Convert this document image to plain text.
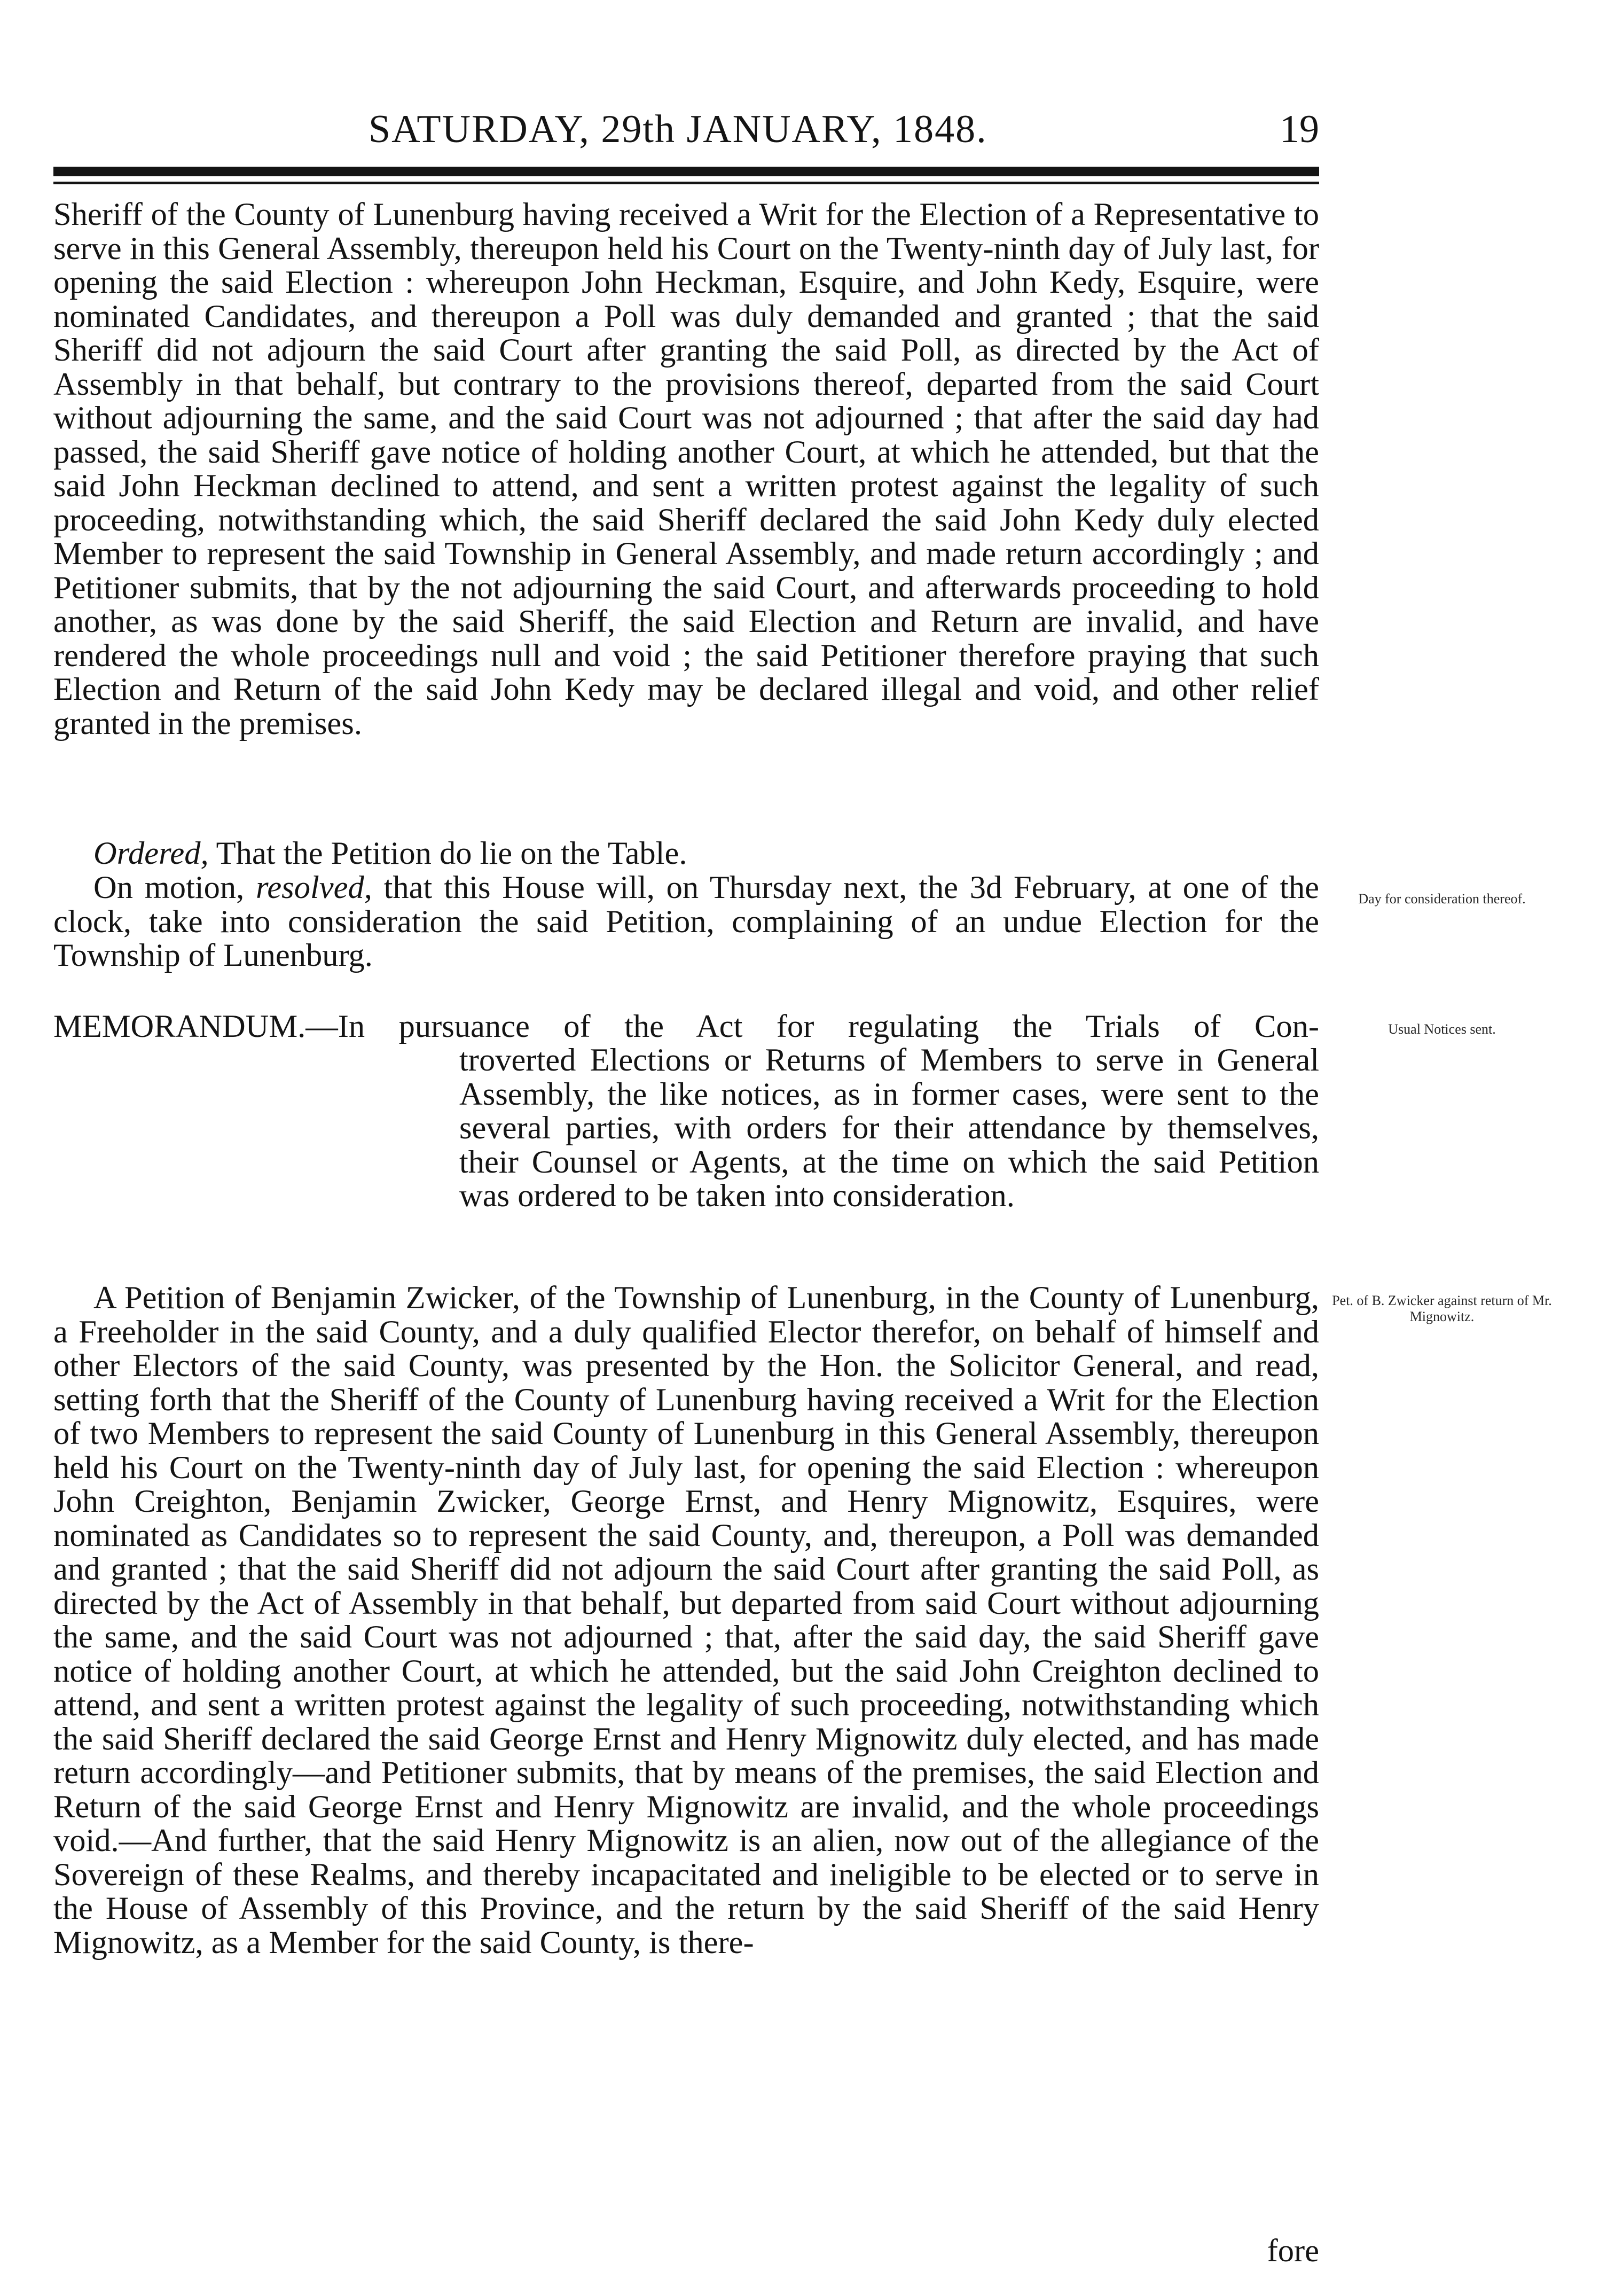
SATURDAY, 29th JANUARY, 1848.	19

Sheriff of the County of Lunenburg having received a Writ for the Election of a Representative to serve in this General Assembly, thereupon held his Court on the Twenty-ninth day of July last, for opening the said Election : whereupon John Heckman, Esquire, and John Kedy, Esquire, were nominated Candidates, and thereupon a Poll was duly demanded and granted ; that the said Sheriff did not adjourn the said Court after granting the said Poll, as directed by the Act of Assembly in that behalf, but contrary to the provisions thereof, departed from the said Court without adjourning the same, and the said Court was not adjourned ; that after the said day had passed, the said Sheriff gave notice of holding another Court, at which he attended, but that the said John Heckman declined to attend, and sent a written protest against the legality of such proceeding, notwithstanding which, the said Sheriff declared the said John Kedy duly elected Member to represent the said Township in General Assembly, and made return accordingly ; and Petitioner submits, that by the not adjourning the said Court, and afterwards proceeding to hold another, as was done by the said Sheriff, the said Election and Return are invalid, and have rendered the whole proceedings null and void ; the said Petitioner therefore praying that such Election and Return of the said John Kedy may be declared illegal and void, and other relief granted in the premises.

Ordered, That the Petition do lie on the Table.

On motion, resolved, that this House will, on Thursday next, the 3d February, at one of the clock, take into consideration the said Petition, complaining of an undue Election for the Township of Lunenburg.

MEMORANDUM.—In pursuance of the Act for regulating the Trials of Con-
troverted Elections or Returns of Members to serve in General Assembly, the like notices, as in former cases, were sent to the several parties, with orders for their attendance by themselves, their Counsel or Agents, at the time on which the said Petition was ordered to be taken into consideration.

A Petition of Benjamin Zwicker, of the Township of Lunenburg, in the County of Lunenburg, a Freeholder in the said County, and a duly qualified Elector therefor, on behalf of himself and other Electors of the said County, was presented by the Hon. the Solicitor General, and read, setting forth that the Sheriff of the County of Lunenburg having received a Writ for the Election of two Members to represent the said County of Lunenburg in this General Assembly, thereupon held his Court on the Twenty-ninth day of July last, for opening the said Election : whereupon John Creighton, Benjamin Zwicker, George Ernst, and Henry Mignowitz, Esquires, were nominated as Candidates so to represent the said County, and, thereupon, a Poll was demanded and granted ; that the said Sheriff did not adjourn the said Court after granting the said Poll, as directed by the Act of Assembly in that behalf, but departed from said Court without adjourning the same, and the said Court was not adjourned ; that, after the said day, the said Sheriff gave notice of holding another Court, at which he attended, but the said John Creighton declined to attend, and sent a written protest against the legality of such proceeding, notwithstanding which the said Sheriff declared the said George Ernst and Henry Mignowitz duly elected, and has made return accordingly—and Petitioner submits, that by means of the premises, the said Election and Return of the said George Ernst and Henry Mignowitz are invalid, and the whole proceedings void.—And further, that the said Henry Mignowitz is an alien, now out of the allegiance of the Sovereign of these Realms, and thereby incapacitated and ineligible to be elected or to serve in the House of Assembly of this Province, and the return by the said Sheriff of the said Henry Mignowitz, as a Member for the said County, is there-

fore

Day for consideration thereof.
Usual Notices sent.
Pet. of B. Zwicker against return of Mr. Mignowitz.
